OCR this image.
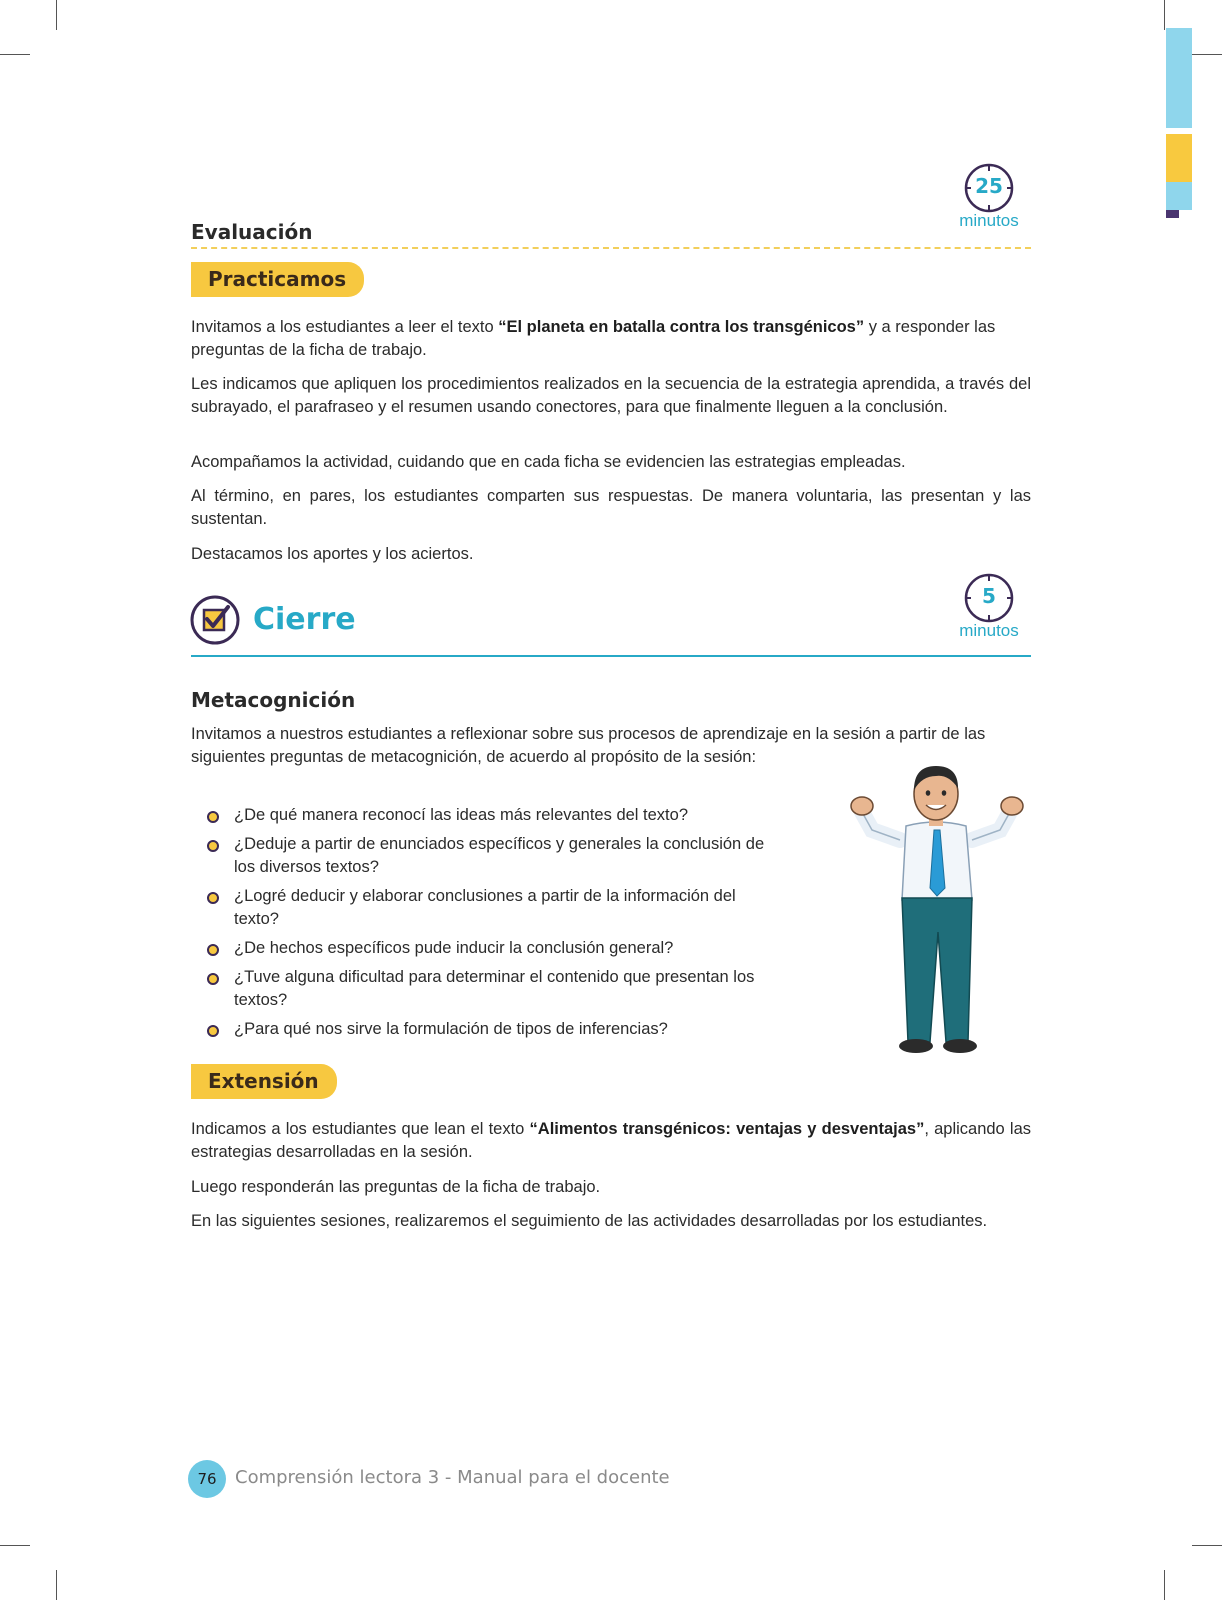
Evaluación
25
minutos
Practicamos

Invitamos a los estudiantes a leer el texto “El planeta en batalla contra los transgénicos” y a responder las preguntas de la ficha de trabajo.

Les indicamos que apliquen los procedimientos realizados en la secuencia de la estrategia aprendida, a través del subrayado, el parafraseo y el resumen usando conectores, para que finalmente lleguen a la conclusión.

Acompañamos la actividad, cuidando que en cada ficha se evidencien las estrategias empleadas.

Al término, en pares, los estudiantes comparten sus respuestas. De manera voluntaria, las presentan y las sustentan.

Destacamos los aportes y los aciertos.

Cierre
5
minutos
Metacognición

Invitamos a nuestros estudiantes a reflexionar sobre sus procesos de aprendizaje en la sesión a partir de las siguientes preguntas de metacognición, de acuerdo al propósito de la sesión:

¿De qué manera reconocí las ideas más relevantes del texto?
¿Deduje a partir de enunciados específicos y generales la conclusión de los diversos textos?
¿Logré deducir y elaborar conclusiones a partir de la información del texto?
¿De hechos específicos pude inducir la conclusión general?
¿Tuve alguna dificultad para determinar el contenido que presentan los textos?
¿Para qué nos sirve la formulación de tipos de inferencias?
Extensión

Indicamos a los estudiantes que lean el texto “Alimentos transgénicos: ventajas y desventajas”, aplicando las estrategias desarrolladas en la sesión.

Luego responderán las preguntas de la ficha de trabajo.

En las siguientes sesiones, realizaremos el seguimiento de las actividades desarrolladas por los estudiantes.

76	Comprensión lectora 3 - Manual para el docente
